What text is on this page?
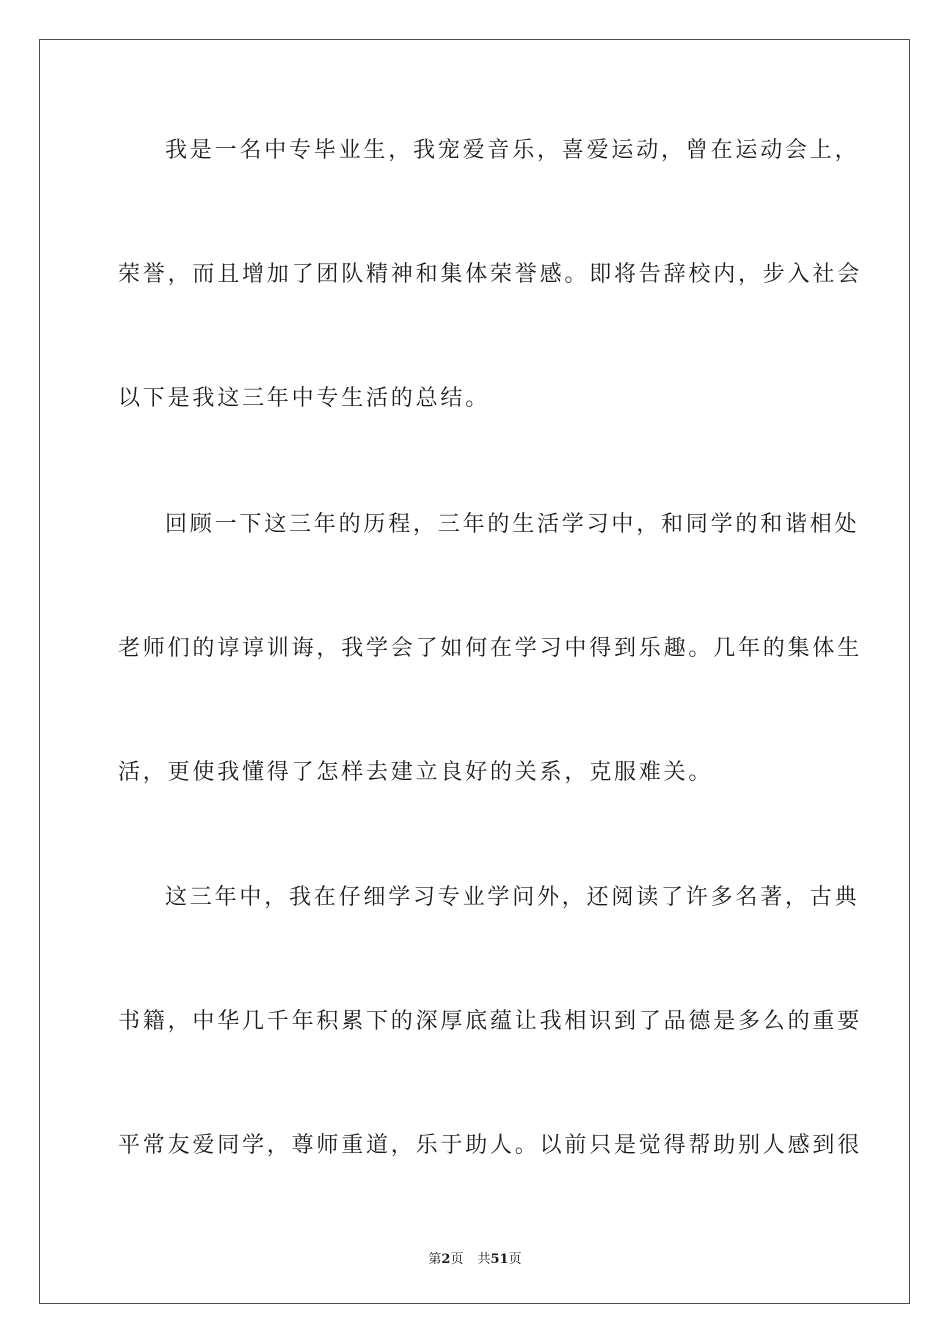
我是一名中专毕业生，我宠爱音乐，喜爱运动，曾在运动会上，
荣誉，而且增加了团队精神和集体荣誉感。即将告辞校内，步入社会
以下是我这三年中专生活的总结。
回顾一下这三年的历程，三年的生活学习中，和同学的和谐相处
老师们的谆谆训诲，我学会了如何在学习中得到乐趣。几年的集体生
活，更使我懂得了怎样去建立良好的关系，克服难关。
这三年中，我在仔细学习专业学问外，还阅读了许多名著，古典
书籍，中华几千年积累下的深厚底蕴让我相识到了品德是多么的重要
平常友爱同学，尊师重道，乐于助人。以前只是觉得帮助别人感到很
第2页 共51页
